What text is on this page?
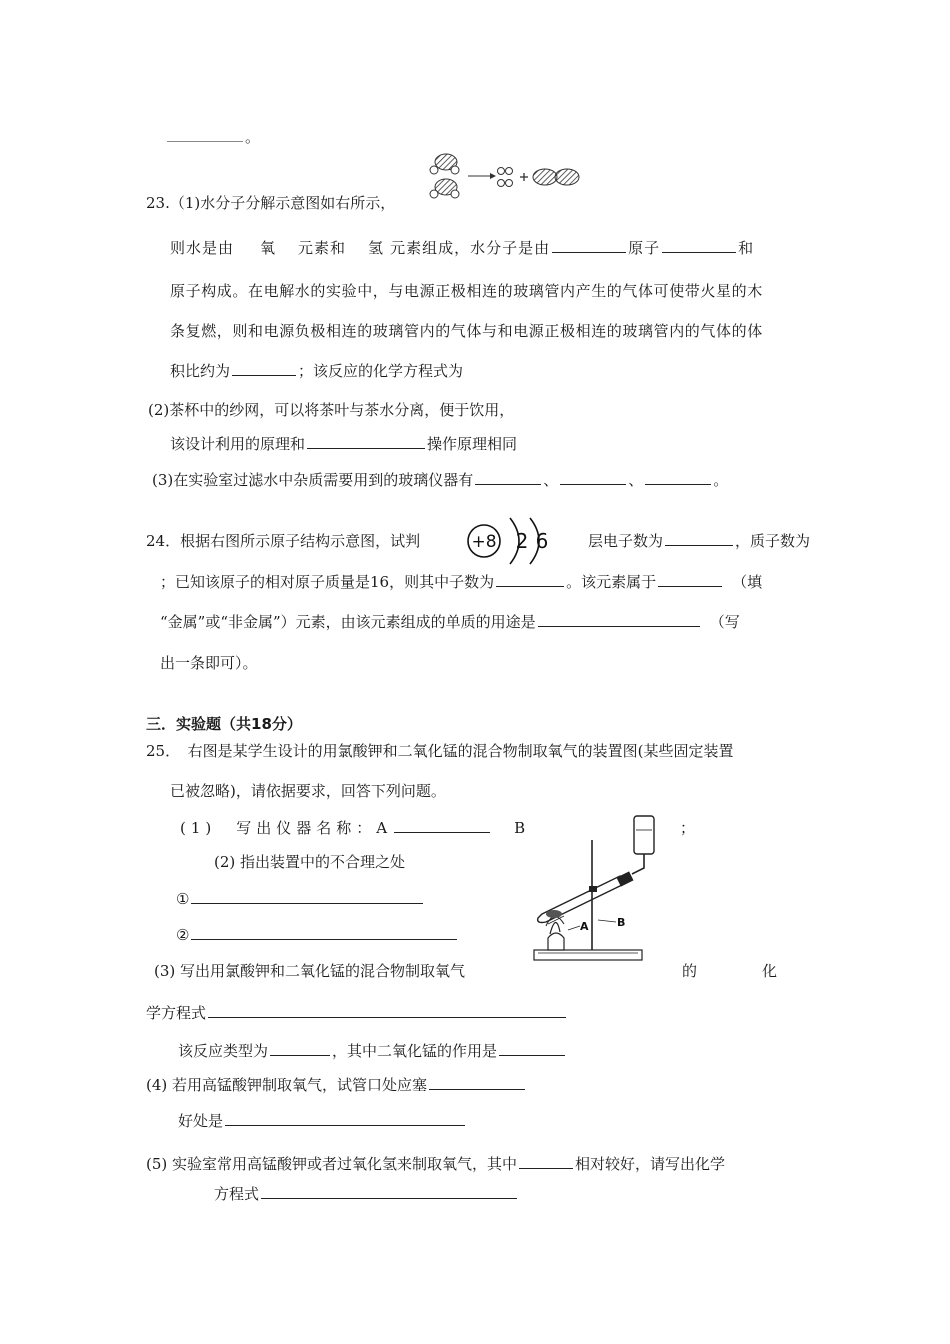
。
23.（1)水分子分解示意图如右所示，
则水是由 氧 元素和 氢 元素组成，水分子是由	原子	和
原子构成。在电解水的实验中，与电源正极相连的玻璃管内产生的气体可使带火星的木
条复燃，则和电源负极相连的玻璃管内的气体与和电源正极相连的玻璃管内的气体的体
积比约为	；该反应的化学方程式为
(2)茶杯中的纱网，可以将茶叶与茶水分离，便于饮用，
该设计利用的原理和	操作原理相同
(3)在实验室过滤水中杂质需要用到的玻璃仪器有	、	、	。
24．根据右图所示原子结构示意图，试判	+8 2 6	层电子数为	，质子数为
；已知该原子的相对原子质量是16，则其中子数为	。该元素属于	（填
“金属”或“非金属”）元素，由该元素组成的单质的用途是	（写
出一条即可）。
三．实验题（共18分）
25．　右图是某学生设计的用氯酸钾和二氧化锰的混合物制取氧气的装置图(某些固定装置
已被忽略)，请依据要求，回答下列问题。
(1)　写出仪器名称：A	B	；
(2) 指出装置中的不合理之处
①
②	A	B
(3) 写出用氯酸钾和二氧化锰的混合物制取氧气	的	化
学方程式
该反应类型为	，其中二氧化锰的作用是
(4) 若用高锰酸钾制取氧气，试管口处应塞
好处是
(5) 实验室常用高锰酸钾或者过氧化氢来制取氧气，其中	相对较好，请写出化学
方程式
